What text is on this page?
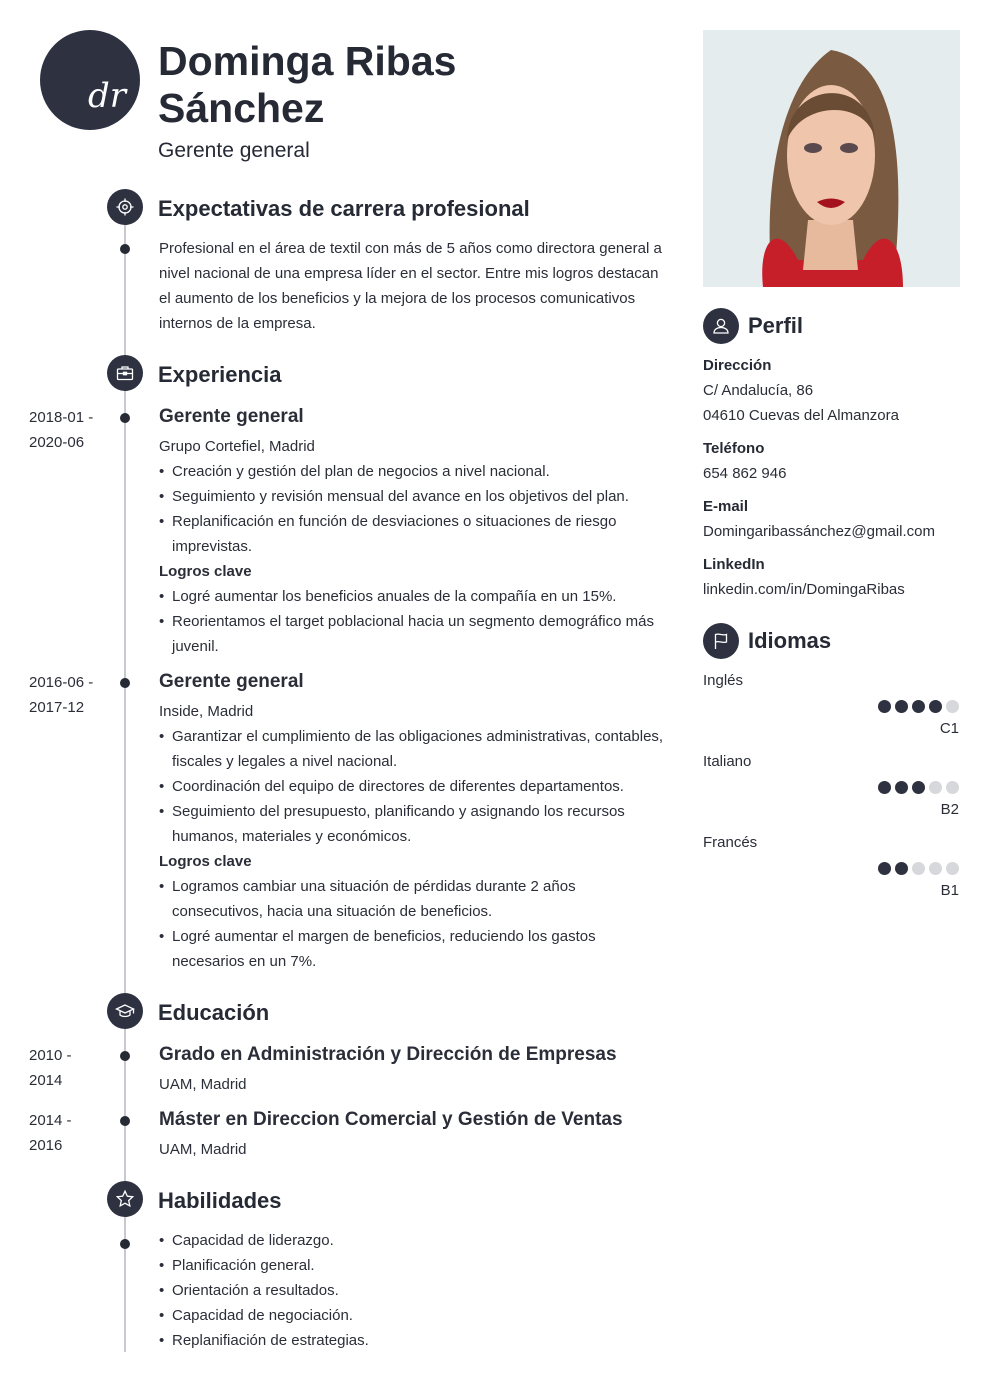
dr
Dominga Ribas Sánchez
Gerente general
Expectativas de carrera profesional
Profesional en el área de textil con más de 5 años como directora general a nivel nacional de una empresa líder en el sector. Entre mis logros destacan el aumento de los beneficios y la mejora de los procesos comunicativos internos de la empresa.
Experiencia
2018-01 -
2020-06
Gerente general
Grupo Cortefiel, Madrid
• Creación y gestión del plan de negocios a nivel nacional.
• Seguimiento y revisión mensual del avance en los objetivos del plan.
• Replanificación en función de desviaciones o situaciones de riesgo imprevistas.
Logros clave
• Logré aumentar los beneficios anuales de la compañía en un 15%.
• Reorientamos el target poblacional hacia un segmento demográfico más juvenil.
2016-06 -
2017-12
Gerente general
Inside, Madrid
• Garantizar el cumplimiento de las obligaciones administrativas, contables, fiscales y legales a nivel nacional.
• Coordinación del equipo de directores de diferentes departamentos.
• Seguimiento del presupuesto, planificando y asignando los recursos humanos, materiales y económicos.
Logros clave
• Logramos cambiar una situación de pérdidas durante 2 años consecutivos, hacia una situación de beneficios.
• Logré aumentar el margen de beneficios, reduciendo los gastos necesarios en un 7%.
Educación
2010 -
2014
Grado en Administración y Dirección de Empresas
UAM, Madrid
2014 -
2016
Máster en Direccion Comercial y Gestión de Ventas
UAM, Madrid
Habilidades
• Capacidad de liderazgo.
• Planificación general.
• Orientación a resultados.
• Capacidad de negociación.
• Replanifiación de estrategias.
Perfil
Dirección
C/ Andalucía, 86
04610 Cuevas del Almanzora
Teléfono
654 862 946
E-mail
Domingaribassánchez@gmail.com
LinkedIn
linkedin.com/in/DomingaRibas
Idiomas
Inglés
C1
Italiano
B2
Francés
B1
